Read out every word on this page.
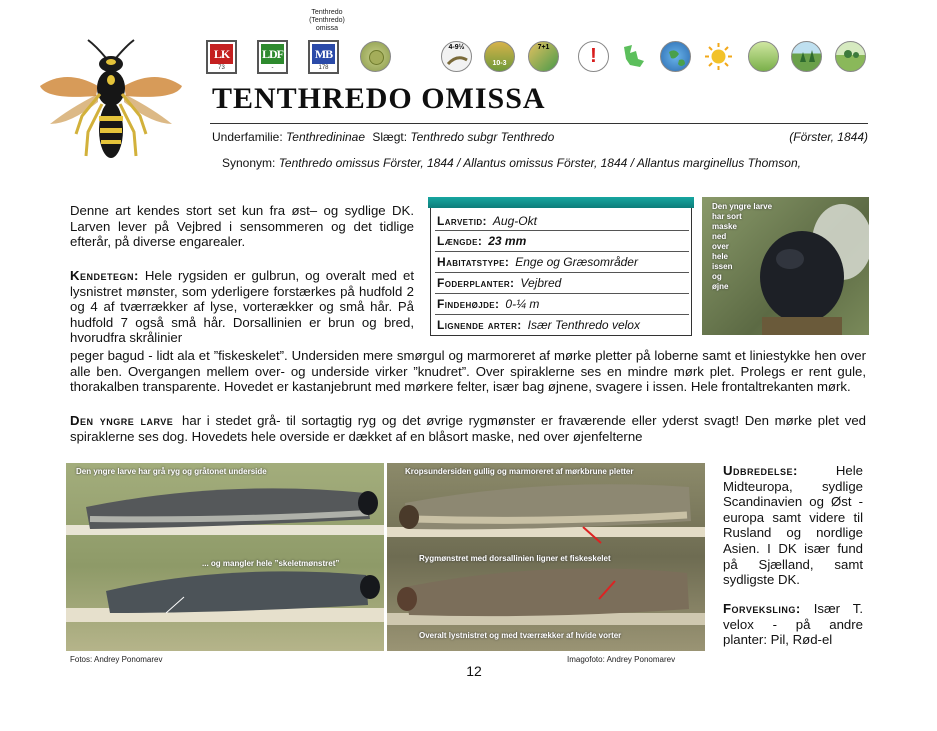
Tenthredo
(Tenthredo)
omissa
LK
73
LDF
-
MB
178
4-9½
10-3
7+1	!
TENTHREDO OMISSA
Underfamilie: Tenthredininae Slægt: Tenthredo subgr Tenthredo	(Förster, 1844)
Synonym: Tenthredo omissus Förster, 1844 / Allantus omissus Förster, 1844 / Allantus marginellus Thomson,
Denne art kendes stort set kun fra øst– og sydlige DK. Larven lever på Vejbred i sensommeren og det tidlige efterår, på diverse engarealer.
Kendetegn: Hele rygsiden er gulbrun, og overalt med et lysnistret mønster, som yderligere forstærkes på hudfold 2 og 4 af tværrækker af lyse, vorterækker og små hår. På hudfold 7 også små hår. Dorsallinien er brun og bred, hvorudfra skrålinier
peger bagud - lidt ala et ”fiskeskelet”. Undersiden mere smørgul og marmoreret af mørke pletter på loberne samt et liniestykke hen over alle ben. Overgangen mellem over- og underside virker ”knudret”. Over spiraklerne ses en mindre mørk plet. Prolegs er rent gule, thorakalben transparente. Hovedet er kastanjebrunt med mørkere felter, især bag øjnene, svagere i issen. Hele frontaltrekanten mørk.
Den yngre larve har i stedet grå- til sortagtig ryg og det øvrige rygmønster er fraværende eller yderst svagt! Den mørke plet ved spiraklerne ses dog. Hovedets hele overside er dækket af en blåsort maske, ned over øjenfelterne
Larvetid: Aug-Okt
Længde: 23 mm
Habitatstype: Enge og Græsområder
Foderplanter: Vejbred
Findehøjde: 0-¼ m
Lignende arter: Især Tenthredo velox
Den yngre larve
har sort
maske
ned
over
hele
issen
og
øjne
Den yngre larve har grå ryg og gråtonet underside
... og mangler hele ”skeletmønstret”
Kropsundersiden gullig og marmoreret af mørkbrune pletter
Rygmønstret med dorsallinien ligner et fiskeskelet
Overalt lystnistret og med tværrækker af hvide vorter
Udbredelse:	Hele Midteuropa, sydlige Scandinavien og Øst -europa samt videre til Rusland og nordlige Asien. I DK især fund på Sjælland, samt sydligste DK.
Forveksling: Især T. velox - på andre planter: Pil, Rød-el
Fotos: Andrey Ponomarev	Imagofoto: Andrey Ponomarev
12
